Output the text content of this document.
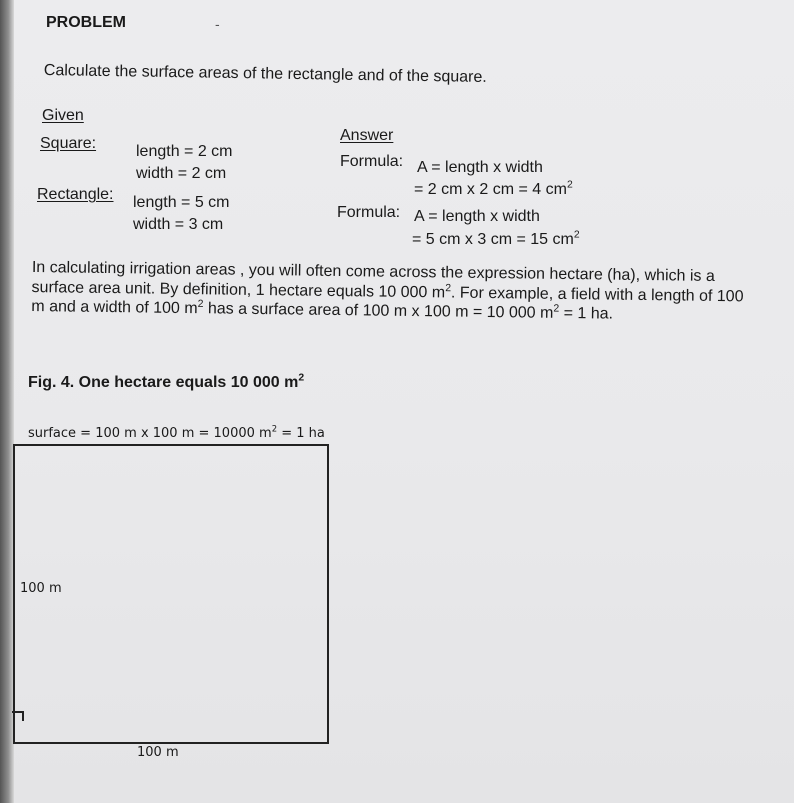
PROBLEM	-
Calculate the surface areas of the rectangle and of the square.
Given
Square: length = 2 cm
width = 2 cm
Rectangle: length = 5 cm
width = 3 cm
Answer
Formula: A = length x width
= 2 cm x 2 cm = 4 $cm^2$
Formula: A = length x width
= 5 cm x 3 cm = 15 $cm^2$
In calculating irrigation areas , you will often come across the expression hectare (ha), which is a surface area unit. By definition, 1 hectare equals 10 000 $m^2$. For example, a field with a length of 100 m and a width of 100 $m^2$ has a surface area of 100 m x 100 m = 10 000 $m^2 = 1$ ha.
Fig. 4. One hectare equals 10 000 $m^2$
surface = 100 m x 100 m = 10000 $m^2 = 1$ ha
100 m
100 m
